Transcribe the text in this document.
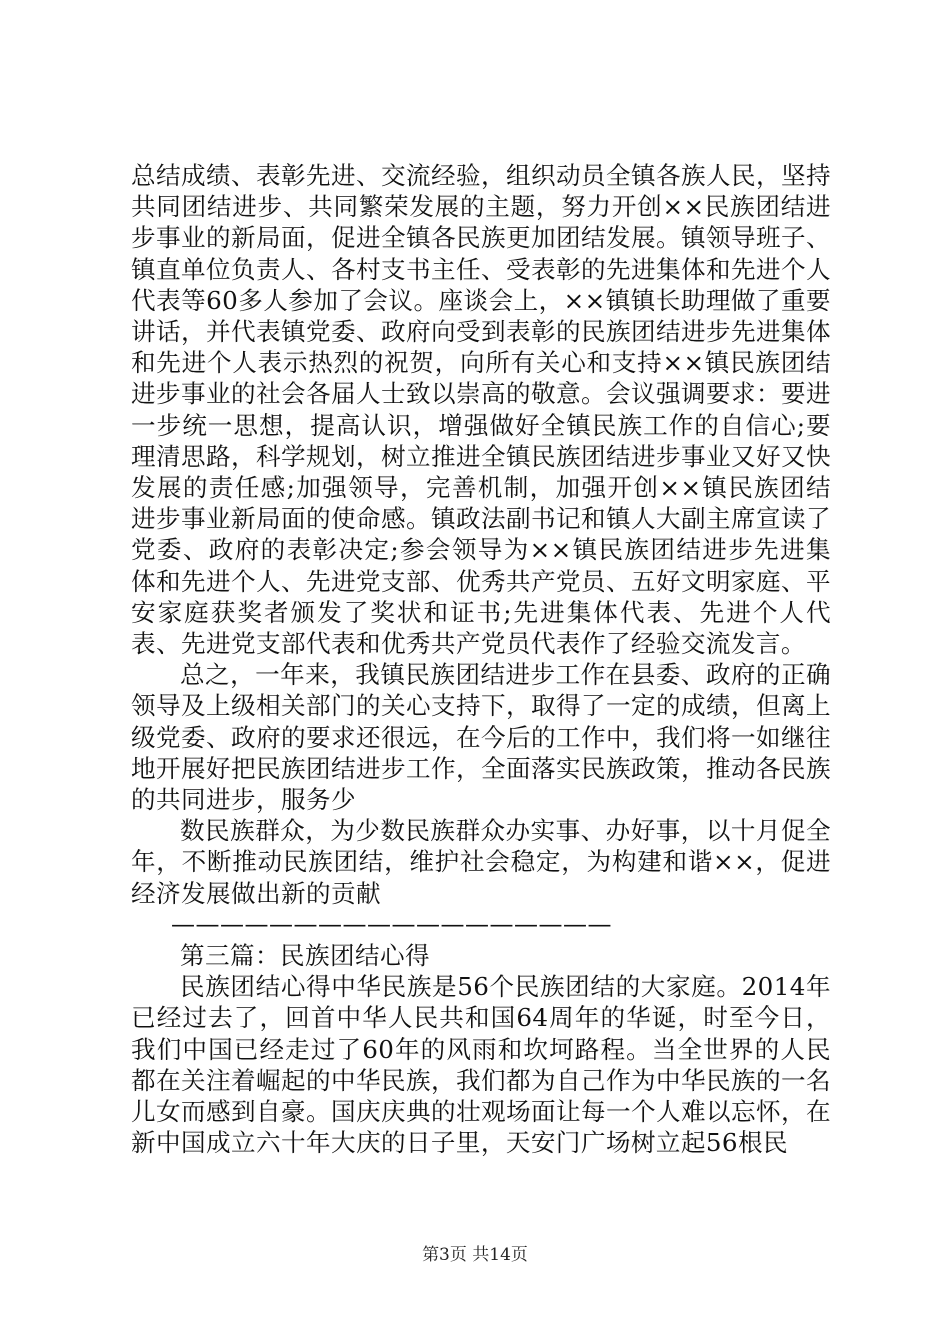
总结成绩、表彰先进、交流经验，组织动员全镇各族人民，坚持共同团结进步、共同繁荣发展的主题，努力开创××民族团结进步事业的新局面，促进全镇各民族更加团结发展。镇领导班子、镇直单位负责人、各村支书主任、受表彰的先进集体和先进个人代表等60多人参加了会议。座谈会上，××镇镇长助理做了重要讲话，并代表镇党委、政府向受到表彰的民族团结进步先进集体和先进个人表示热烈的祝贺，向所有关心和支持××镇民族团结进步事业的社会各届人士致以崇高的敬意。会议强调要求：要进一步统一思想，提高认识，增强做好全镇民族工作的自信心;要理清思路，科学规划，树立推进全镇民族团结进步事业又好又快发展的责任感;加强领导，完善机制，加强开创××镇民族团结进步事业新局面的使命感。镇政法副书记和镇人大副主席宣读了党委、政府的表彰决定;参会领导为××镇民族团结进步先进集体和先进个人、先进党支部、优秀共产党员、五好文明家庭、平安家庭获奖者颁发了奖状和证书;先进集体代表、先进个人代表、先进党支部代表和优秀共产党员代表作了经验交流发言。

总之，一年来，我镇民族团结进步工作在县委、政府的正确领导及上级相关部门的关心支持下，取得了一定的成绩，但离上级党委、政府的要求还很远，在今后的工作中，我们将一如继往地开展好把民族团结进步工作，全面落实民族政策，推动各民族的共同进步，服务少

数民族群众，为少数民族群众办实事、办好事，以十月促全年，不断推动民族团结，维护社会稳定，为构建和谐××，促进经济发展做出新的贡献

——————————————————

第三篇：民族团结心得

民族团结心得中华民族是56个民族团结的大家庭。2014年已经过去了，回首中华人民共和国64周年的华诞，时至今日，我们中国已经走过了60年的风雨和坎坷路程。当全世界的人民都在关注着崛起的中华民族，我们都为自己作为中华民族的一名儿女而感到自豪。国庆庆典的壮观场面让每一个人难以忘怀，在新中国成立六十年大庆的日子里，天安门广场树立起56根民

第3页 共14页
